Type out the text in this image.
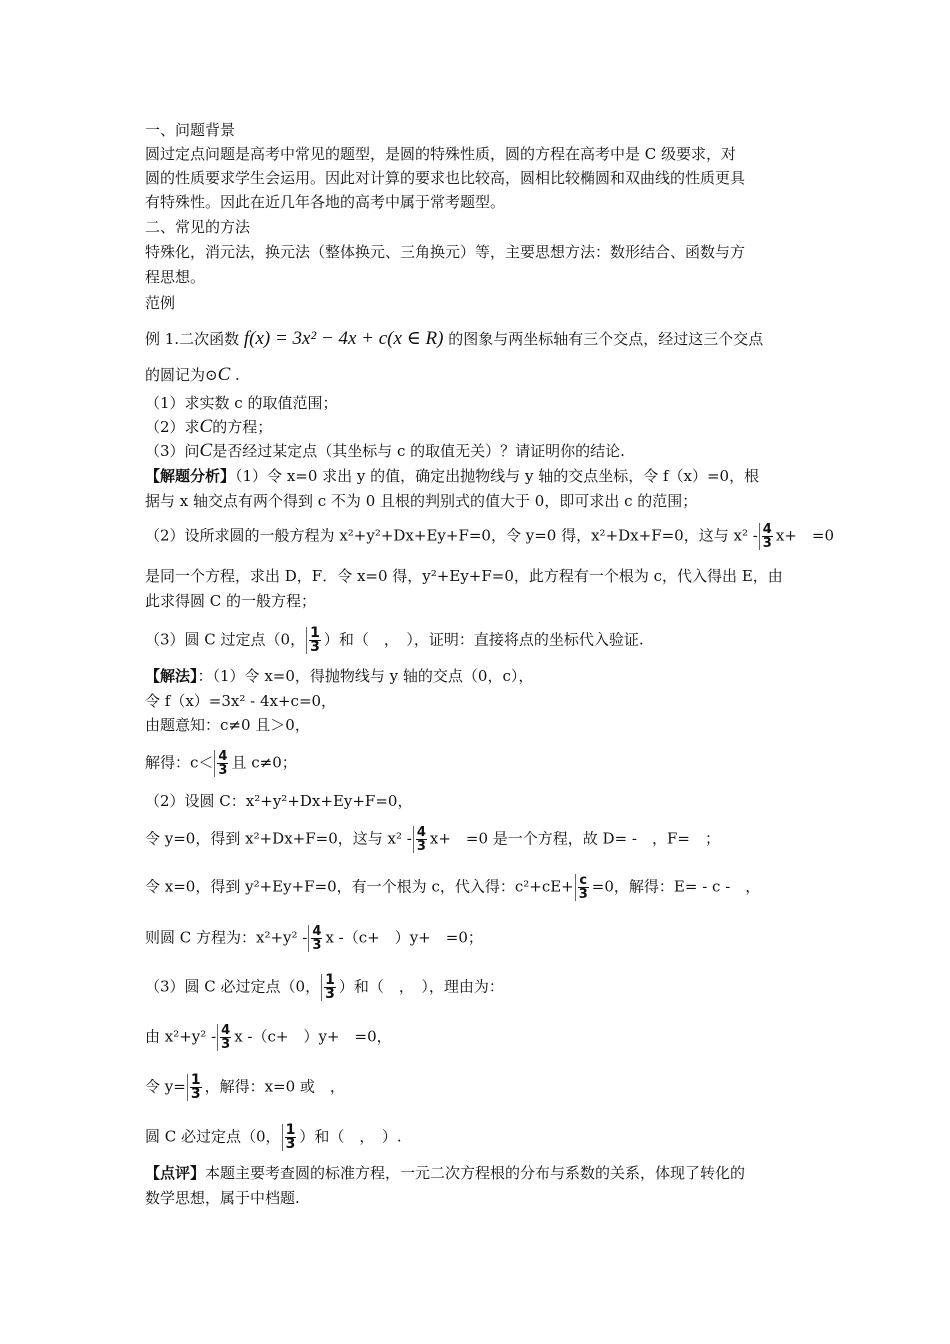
一、问题背景
圆过定点问题是高考中常见的题型，是圆的特殊性质，圆的方程在高考中是 C 级要求，对
圆的性质要求学生会运用。因此对计算的要求也比较高，圆相比较椭圆和双曲线的性质更具
有特殊性。因此在近几年各地的高考中属于常考题型。
二、常见的方法
特殊化，消元法，换元法（整体换元、三角换元）等，主要思想方法：数形结合、函数与方
程思想。
范例
例 1.二次函数 f(x) = 3x² − 4x + c(x ∈ R) 的图象与两坐标轴有三个交点，经过这三个交点
的圆记为⊙C .
（1）求实数 c 的取值范围；
（2）求C的方程；
（3）问C是否经过某定点（其坐标与 c 的取值无关）？请证明你的结论.
【解题分析】（1）令 x=0 求出 y 的值，确定出抛物线与 y 轴的交点坐标，令 f（x）=0，根
据与 x 轴交点有两个得到 c 不为 0 且根的判别式的值大于 0，即可求出 c 的范围；
（2）设所求圆的一般方程为 x²+y²+Dx+Ey+F=0，令 y=0 得，x²+Dx+F=0，这与 $x^2 - \frac{4}{3} x+$　=0
是同一个方程，求出 D，F．令 x=0 得，y²+Ey+F=0，此方程有一个根为 c，代入得出 E，由
此求得圆 C 的一般方程；
（3）圆 C 过定点（0， $\frac{1}{3}$ ）和（　，　），证明：直接将点的坐标代入验证.
【解法】：（1）令 x=0，得抛物线与 y 轴的交点（0，c），
令 f（x）=3x² - 4x+c=0，
由题意知：c≠0 且＞0，
解得：$c< \frac{4}{3}$ 且 c≠0；
（2）设圆 C：x²+y²+Dx+Ey+F=0，
令 y=0，得到 x²+Dx+F=0，这与 $x^2 - \frac{4}{3} x+$　=0 是一个方程，故 D= -　，F=　；
令 x=0，得到 y²+Ey+F=0，有一个根为 c，代入得：$c^2+cE+ \frac{c}{3} =0$，解得：E= - c -　，
则圆 C 方程为：$x^2+y^2 - \frac{4}{3}$ x -（c+　）y+　=0；
（3）圆 C 必过定点（0， $\frac{1}{3}$ ）和（　，　），理由为：
由 $x^2+y^2 - \frac{4}{3}$ x -（c+　）y+　=0，
令 $y= \frac{1}{3}$ ，解得：x=0 或　，
圆 C 必过定点（0， $\frac{1}{3}$ ）和（　，　）.
【点评】本题主要考查圆的标准方程，一元二次方程根的分布与系数的关系，体现了转化的
数学思想，属于中档题.
